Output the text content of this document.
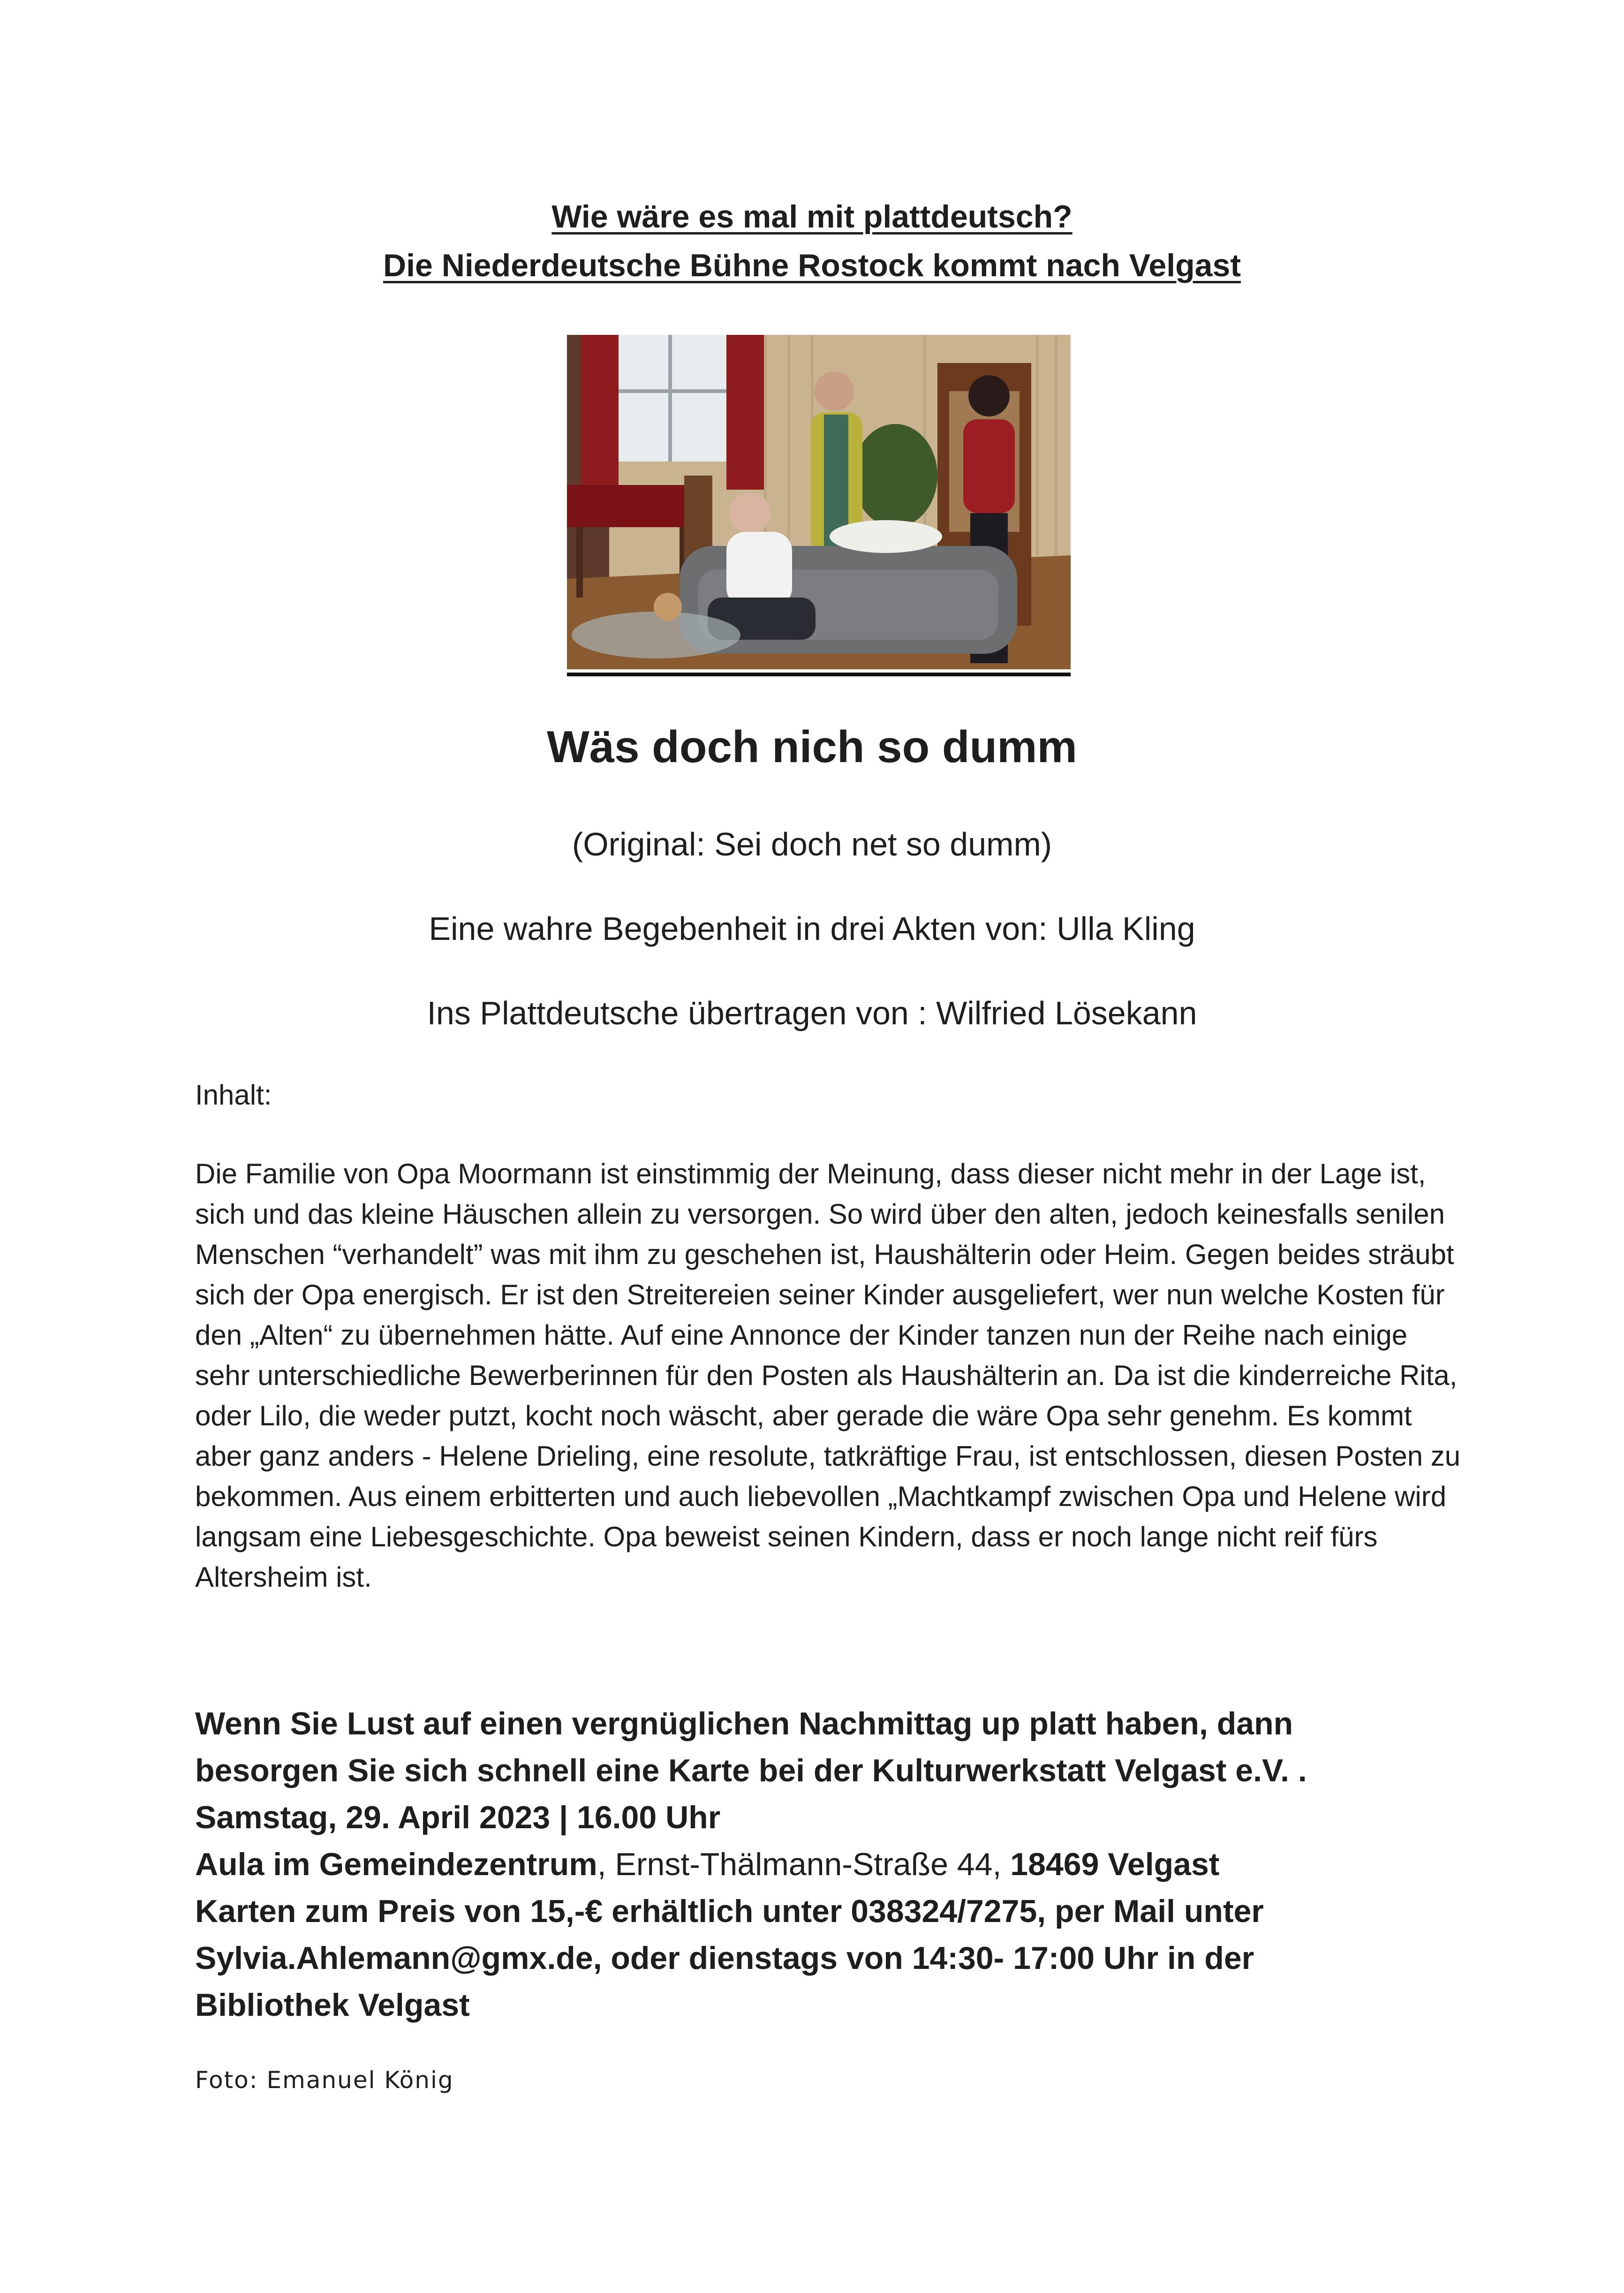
Wie wäre es mal mit plattdeutsch?
Die Niederdeutsche Bühne Rostock kommt nach Velgast
Wäs doch nich so dumm
(Original: Sei doch net so dumm)
Eine wahre Begebenheit in drei Akten von: Ulla Kling
Ins Plattdeutsche übertragen von : Wilfried Lösekann
Inhalt:

Die Familie von Opa Moormann ist einstimmig der Meinung, dass dieser nicht mehr in der Lage ist, sich und das kleine Häuschen allein zu versorgen. So wird über den alten, jedoch keinesfalls senilen Menschen “verhandelt” was mit ihm zu geschehen ist, Haushälterin oder Heim. Gegen beides sträubt sich der Opa energisch. Er ist den Streitereien seiner Kinder ausgeliefert, wer nun welche Kosten für den „Alten“ zu übernehmen hätte. Auf eine Annonce der Kinder tanzen nun der Reihe nach einige sehr unterschiedliche Bewerberinnen für den Posten als Haushälterin an. Da ist die kinderreiche Rita, oder Lilo, die weder putzt, kocht noch wäscht, aber gerade die wäre Opa sehr genehm. Es kommt aber ganz anders - Helene Drieling, eine resolute, tatkräftige Frau, ist entschlossen, diesen Posten zu bekommen. Aus einem erbitterten und auch liebevollen „Machtkampf zwischen Opa und Helene wird langsam eine Liebesgeschichte. Opa beweist seinen Kindern, dass er noch lange nicht reif fürs Altersheim ist.

Wenn Sie Lust auf einen vergnüglichen Nachmittag up platt haben, dann
besorgen Sie sich schnell eine Karte bei der Kulturwerkstatt Velgast e.V. .
Samstag, 29. April 2023 | 16.00 Uhr
Aula im Gemeindezentrum, Ernst-Thälmann-Straße 44, 18469 Velgast
Karten zum Preis von 15,-€ erhältlich unter 038324/7275, per Mail unter
Sylvia.Ahlemann@gmx.de, oder dienstags von 14:30- 17:00 Uhr in der
Bibliothek Velgast
Foto: Emanuel König
